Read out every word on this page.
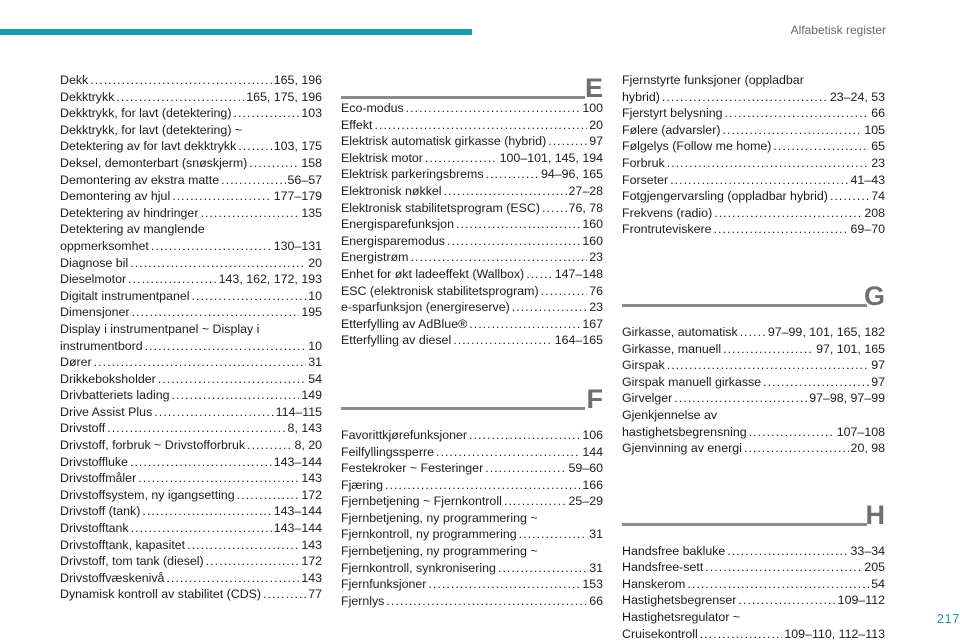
Alfabetisk register
Dekk . . .	165, 196
Dekktrykk . . .	165, 175, 196
Dekktrykk, for lavt (detektering) . . .	103
Dekktrykk, for lavt (detektering) ~
Detektering av for lavt dekktrykk . . .	103, 175
Deksel, demonterbart (snøskjerm) . . .	158
Demontering av ekstra matte . . .	56–57
Demontering av hjul . . .	177–179
Detektering av hindringer . . .	135
Detektering av manglende
oppmerksomhet . . .	130–131
Diagnose bil . . .	20
Dieselmotor . . .	143, 162, 172, 193
Digitalt instrumentpanel . . .	10
Dimensjoner . . .	195
Display i instrumentpanel ~ Display i
instrumentbord . . .	10
Dører . . .	31
Drikkeboksholder . . .	54
Drivbatteriets lading . . .	149
Drive Assist Plus . . .	114–115
Drivstoff . . .	8, 143
Drivstoff, forbruk ~ Drivstofforbruk . . .	8, 20
Drivstofflukе . . .	143–144
Drivstoffmåler . . .	143
Drivstoffsystem, ny igangsetting . . .	172
Drivstoff (tank) . . .	143–144
Drivstofftank . . .	143–144
Drivstofftank, kapasitet . . .	143
Drivstoff, tom tank (diesel) . . .	172
Drivstoffvæskenivå . . .	143
Dynamisk kontroll av stabilitet (CDS) . . .	77
E
Eco-modus . . .	100
Effekt . . .	20
Elektrisk automatisk girkasse (hybrid) . . .	97
Elektrisk motor . . .	100–101, 145, 194
Elektrisk parkeringsbrems . . .	94–96, 165
Elektronisk nøkkel . . .	27–28
Elektronisk stabilitetsprogram (ESC) . . . 76, 78
Energisparefunksjon . . .	160
Energisparemodus . . .	160
Energistrøm . . .	23
Enhet for økt ladeeffekt (Wallbox) . . . 147–148
ESC (elektronisk stabilitetsprogram) . . .	76
e-sparfunksjon (energireserve) . . .	23
Etterfylling av AdBlue® . . .	167
Etterfylling av diesel . . .	164–165
F
Favorittkjørefunksjoner . . .	106
Feilfyllingssperre . . .	144
Festekroker ~ Festeringer . . .	59–60
Fjæring . . .	166
Fjernbetjening ~ Fjernkontroll . . .	25–29
Fjernbetjening, ny programmering ~
Fjernkontroll, ny programmering . . .	31
Fjernbetjening, ny programmering ~
Fjernkontroll, synkronisering . . .	31
Fjernfunksjoner . . .	153
Fjernlys . . .	66
Fjernstyrte funksjoner (oppladbar
hybrid) . . .	23–24, 53
Fjerstyrt belysning . . .	66
Følere (advarsler) . . .	105
Følgelys (Follow me home) . . .	65
Forbruk . . .	23
Forseter . . .	41–43
Fotgjengervarsling (oppladbar hybrid) . . .	74
Frekvens (radio) . . .	208
Frontruteviskere . . .	69–70
G
Girkasse, automatisk . . . 97–99, 101, 165, 182
Girkasse, manuell . . .	97, 101, 165
Girspak . . .	97
Girspak manuell girkasse . . .	97
Girvelger . . .	97–98, 97–99
Gjenkjennelse av
hastighetsbegrensning . . .	107–108
Gjenvinning av energi . . .	20, 98
H
Handsfree bakluke . . .	33–34
Handsfree-sett . . .	205
Hanskerom . . .	54
Hastighetsbegrenser . . .	109–112
Hastighetsregulator ~
Cruisekontroll . . .	109–110, 112–113
217
